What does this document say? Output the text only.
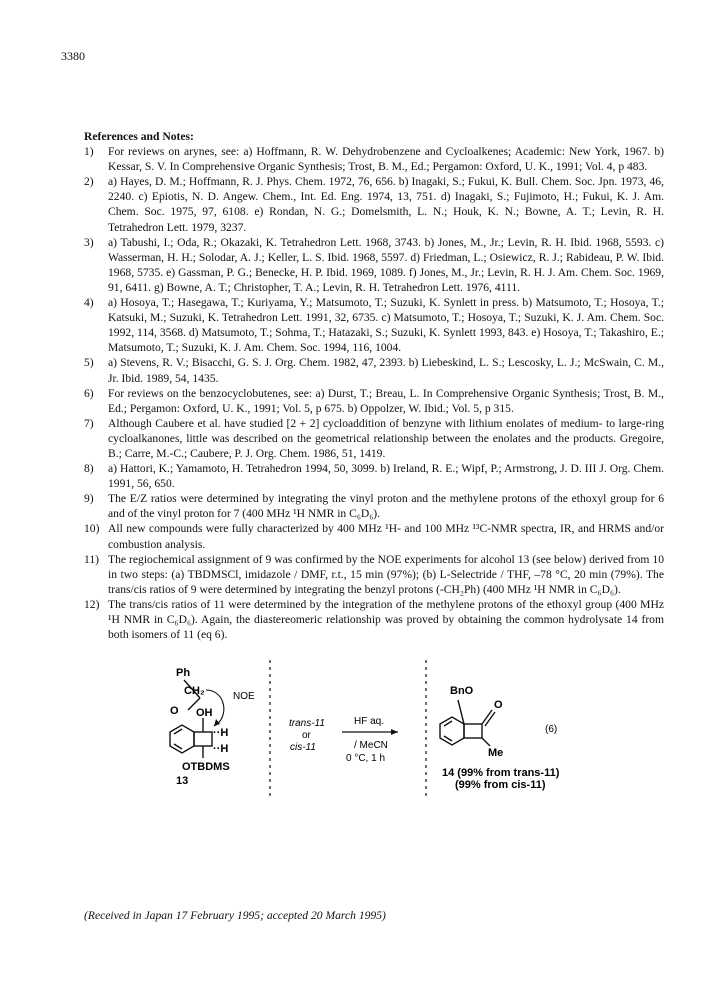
3380
References and Notes:
1)	For reviews on arynes, see: a) Hoffmann, R. W. Dehydrobenzene and Cycloalkenes; Academic: New York, 1967. b) Kessar, S. V. In Comprehensive Organic Synthesis; Trost, B. M., Ed.; Pergamon: Oxford, U. K., 1991; Vol. 4, p 483.
2)	a) Hayes, D. M.; Hoffmann, R. J. Phys. Chem. 1972, 76, 656. b) Inagaki, S.; Fukui, K. Bull. Chem. Soc. Jpn. 1973, 46, 2240. c) Epiotis, N. D. Angew. Chem., Int. Ed. Eng. 1974, 13, 751. d) Inagaki, S.; Fujimoto, H.; Fukui, K. J. Am. Chem. Soc. 1975, 97, 6108. e) Rondan, N. G.; Domelsmith, L. N.; Houk, K. N.; Bowne, A. T.; Levin, R. H. Tetrahedron Lett. 1979, 3237.
3)	a) Tabushi, I.; Oda, R.; Okazaki, K. Tetrahedron Lett. 1968, 3743. b) Jones, M., Jr.; Levin, R. H. Ibid. 1968, 5593. c) Wasserman, H. H.; Solodar, A. J.; Keller, L. S. Ibid. 1968, 5597. d) Friedman, L.; Osiewicz, R. J.; Rabideau, P. W. Ibid. 1968, 5735. e) Gassman, P. G.; Benecke, H. P. Ibid. 1969, 1089. f) Jones, M., Jr.; Levin, R. H. J. Am. Chem. Soc. 1969, 91, 6411. g) Bowne, A. T.; Christopher, T. A.; Levin, R. H. Tetrahedron Lett. 1976, 4111.
4)	a) Hosoya, T.; Hasegawa, T.; Kuriyama, Y.; Matsumoto, T.; Suzuki, K. Synlett in press. b) Matsumoto, T.; Hosoya, T.; Katsuki, M.; Suzuki, K. Tetrahedron Lett. 1991, 32, 6735. c) Matsumoto, T.; Hosoya, T.; Suzuki, K. J. Am. Chem. Soc. 1992, 114, 3568. d) Matsumoto, T.; Sohma, T.; Hatazaki, S.; Suzuki, K. Synlett 1993, 843. e) Hosoya, T.; Takashiro, E.; Matsumoto, T.; Suzuki, K. J. Am. Chem. Soc. 1994, 116, 1004.
5)	a) Stevens, R. V.; Bisacchi, G. S. J. Org. Chem. 1982, 47, 2393. b) Liebeskind, L. S.; Lescosky, L. J.; McSwain, C. M., Jr. Ibid. 1989, 54, 1435.
6)	For reviews on the benzocyclobutenes, see: a) Durst, T.; Breau, L. In Comprehensive Organic Synthesis; Trost, B. M., Ed.; Pergamon: Oxford, U. K., 1991; Vol. 5, p 675. b) Oppolzer, W. Ibid.; Vol. 5, p 315.
7)	Although Caubere et al. have studied [2 + 2] cycloaddition of benzyne with lithium enolates of medium- to large-ring cycloalkanones, little was described on the geometrical relationship between the enolates and the products. Gregoire, B.; Carre, M.-C.; Caubere, P. J. Org. Chem. 1986, 51, 1419.
8)	a) Hattori, K.; Yamamoto, H. Tetrahedron 1994, 50, 3099. b) Ireland, R. E.; Wipf, P.; Armstrong, J. D. III J. Org. Chem. 1991, 56, 650.
9)	The E/Z ratios were determined by integrating the vinyl proton and the methylene protons of the ethoxyl group for 6 and of the vinyl proton for 7 (400 MHz ¹H NMR in C₆D₆).
10) All new compounds were fully characterized by 400 MHz ¹H- and 100 MHz ¹³C-NMR spectra, IR, and HRMS and/or combustion analysis.
11) The regiochemical assignment of 9 was confirmed by the NOE experiments for alcohol 13 (see below) derived from 10 in two steps: (a) TBDMSCl, imidazole / DMF, r.t., 15 min (97%); (b) L-Selectride / THF, –78 °C, 20 min (79%). The trans/cis ratios of 9 were determined by integrating the benzyl protons (-CH₂Ph) (400 MHz ¹H NMR in C₆D₆).
12) The trans/cis ratios of 11 were determined by the integration of the methylene protons of the ethoxyl group (400 MHz ¹H NMR in C₆D₆). Again, the diastereomeric relationship was proved by obtaining the common hydrolysate 14 from both isomers of 11 (eq 6).
Ph
CH₂
O
NOE
OH
··H
··H
OTBDMS
13
trans-11
or
cis-11
HF aq.
/ MeCN
0 °C, 1 h
BnO
O
Me
(6)
14 (99% from trans-11)
(99% from cis-11)
(Received in Japan 17 February 1995; accepted 20 March 1995)
